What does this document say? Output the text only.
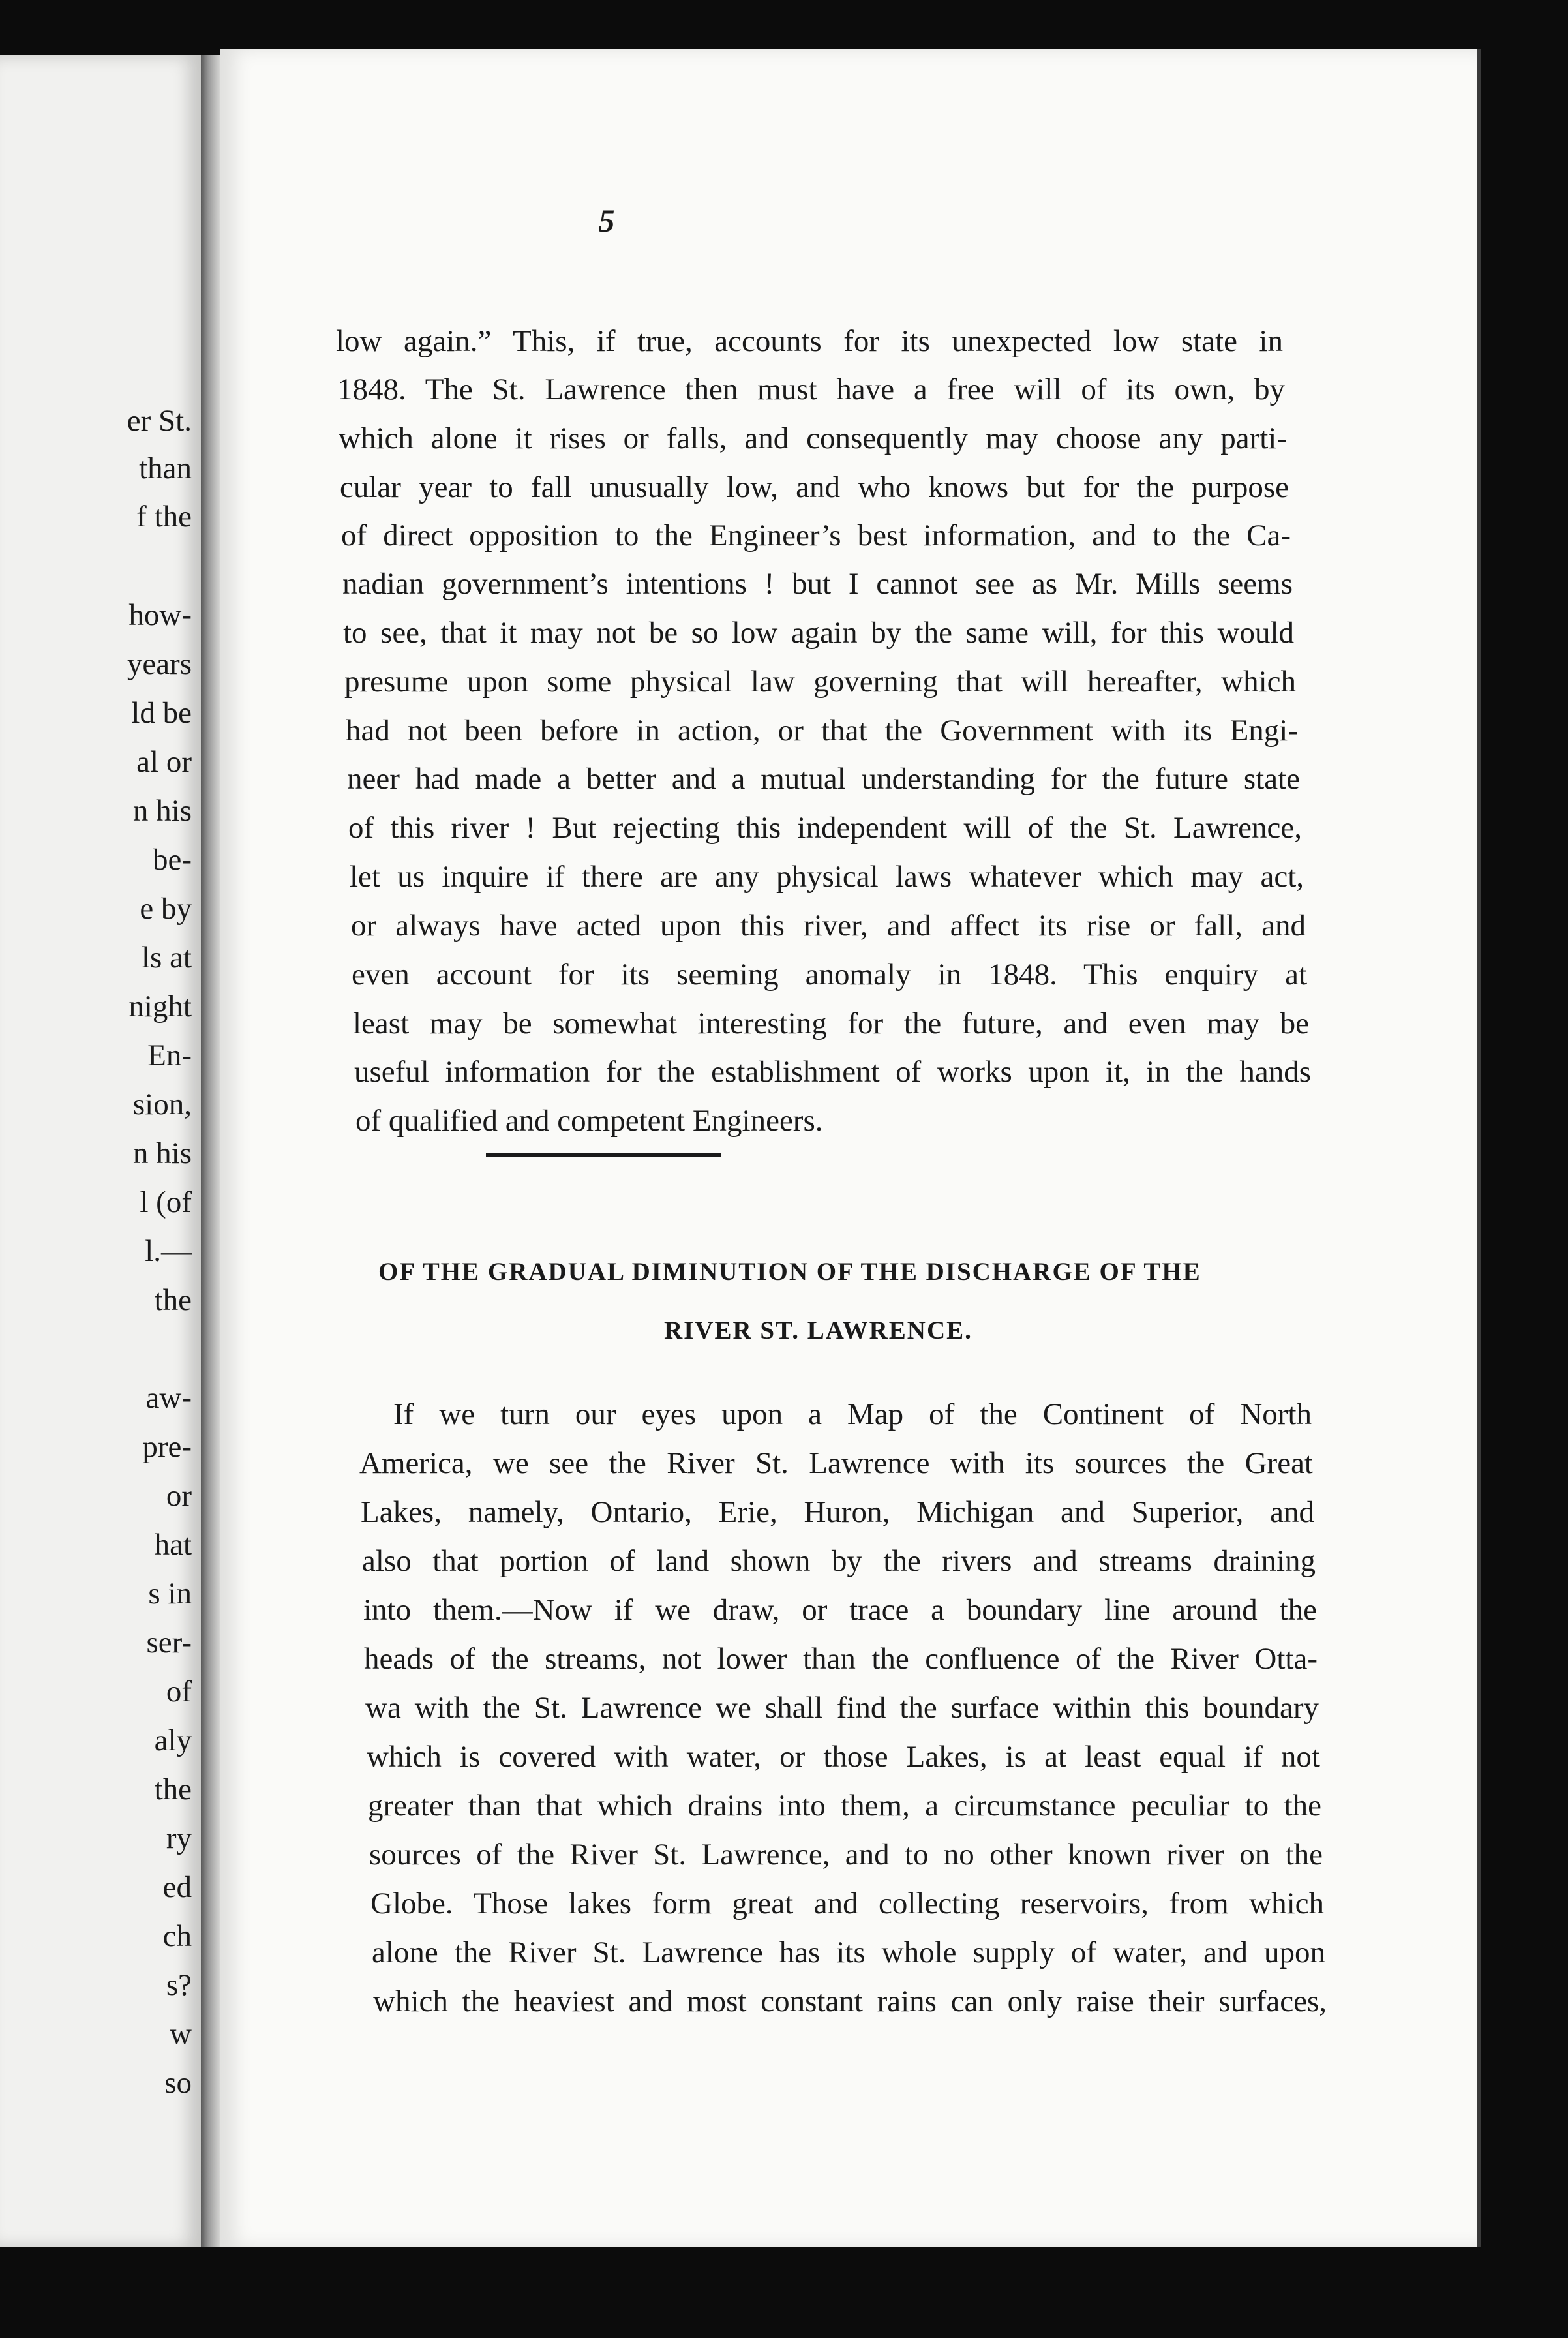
er St.
than
f the
how-
years
ld be
al or
n his
be-
e by
ls at
night
En-
sion,
n his
l (of
l.—
the
aw-
pre-
or
hat
s in
ser-
of
aly
the
ry
ed
ch
s?
w
so
5
low again.” This, if true, accounts for its unexpected low state in
1848. The St. Lawrence then must have a free will of its own, by
which alone it rises or falls, and consequently may choose any parti-
cular year to fall unusually low, and who knows but for the purpose
of direct opposition to the Engineer’s best information, and to the Ca-
nadian government’s intentions ! but I cannot see as Mr. Mills seems
to see, that it may not be so low again by the same will, for this would
presume upon some physical law governing that will hereafter, which
had not been before in action, or that the Government with its Engi-
neer had made a better and a mutual understanding for the future state
of this river ! But rejecting this independent will of the St. Lawrence,
let us inquire if there are any physical laws whatever which may act,
or always have acted upon this river, and affect its rise or fall, and
even account for its seeming anomaly in 1848. This enquiry at
least may be somewhat interesting for the future, and even may be
useful information for the establishment of works upon it, in the hands
of qualified and competent Engineers.
OF THE GRADUAL DIMINUTION OF THE DISCHARGE OF THE
RIVER ST. LAWRENCE.
If we turn our eyes upon a Map of the Continent of North
America, we see the River St. Lawrence with its sources the Great
Lakes, namely, Ontario, Erie, Huron, Michigan and Superior, and
also that portion of land shown by the rivers and streams draining
into them.—Now if we draw, or trace a boundary line around the
heads of the streams, not lower than the confluence of the River Otta-
wa with the St. Lawrence we shall find the surface within this boundary
which is covered with water, or those Lakes, is at least equal if not
greater than that which drains into them, a circumstance peculiar to the
sources of the River St. Lawrence, and to no other known river on the
Globe. Those lakes form great and collecting reservoirs, from which
alone the River St. Lawrence has its whole supply of water, and upon
which the heaviest and most constant rains can only raise their surfaces,
